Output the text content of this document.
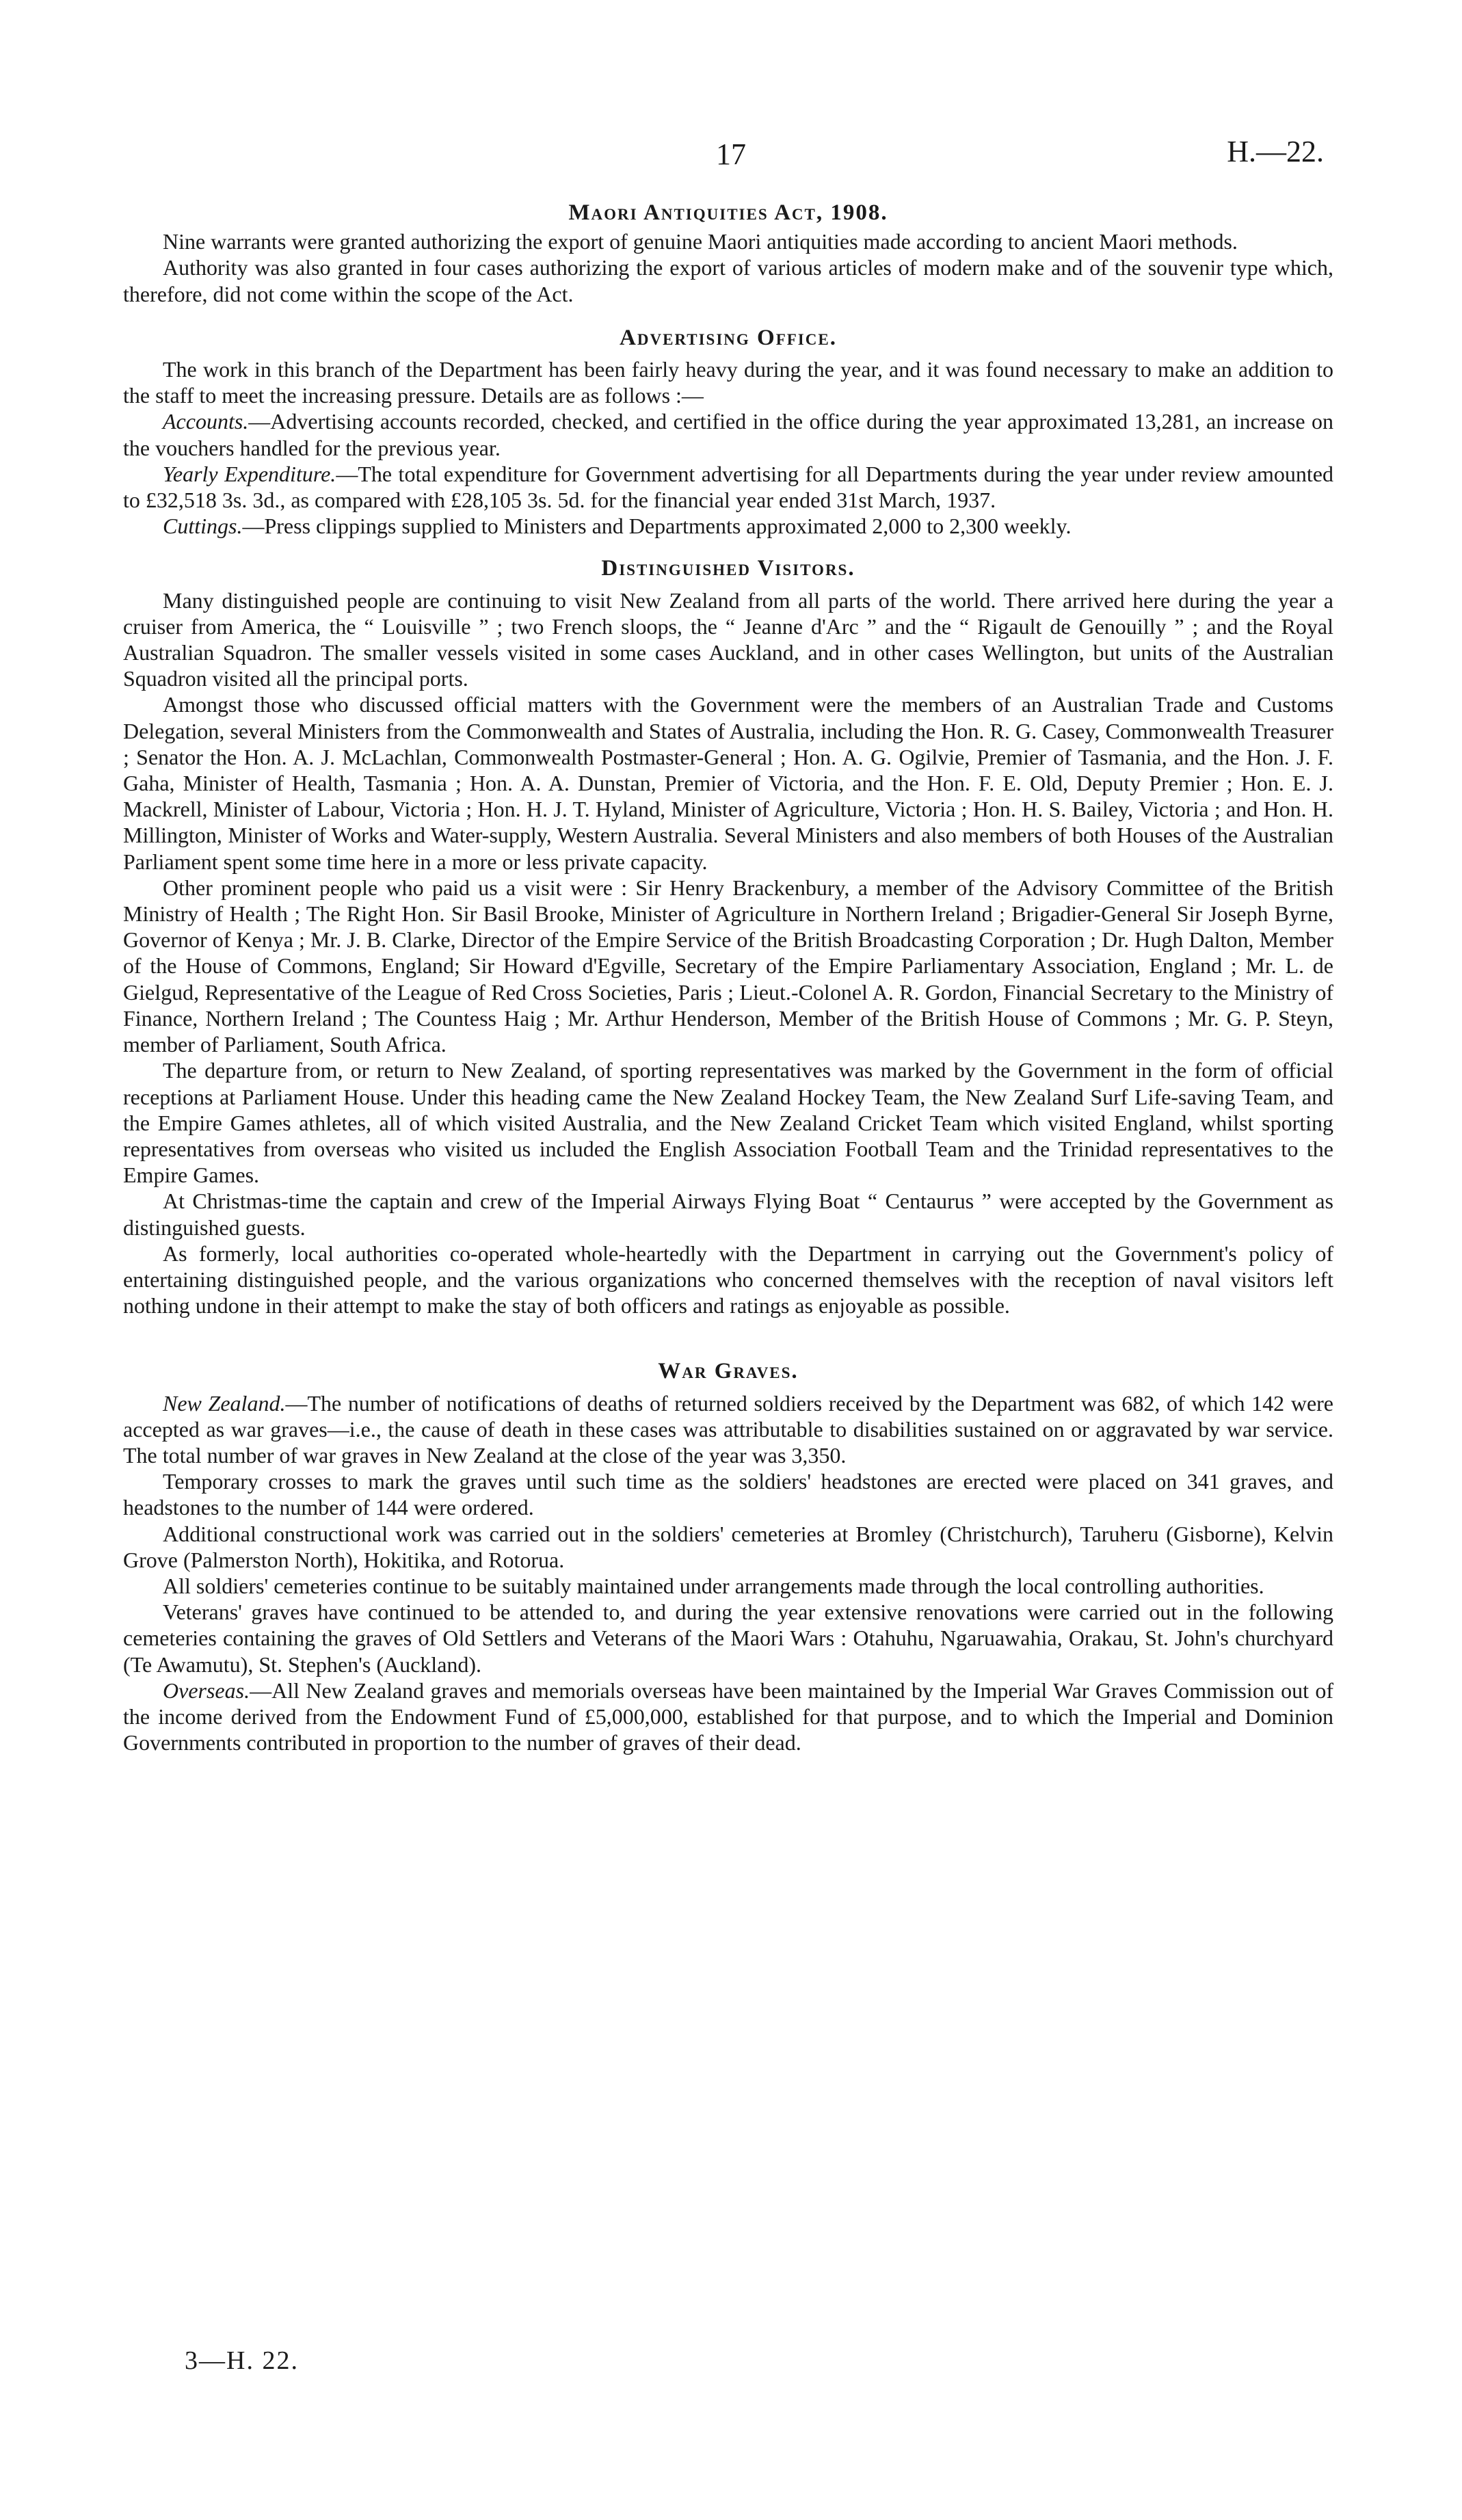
17	H.—22.
Maori Antiquities Act, 1908.

Nine warrants were granted authorizing the export of genuine Maori antiquities made according to ancient Maori methods.

Authority was also granted in four cases authorizing the export of various articles of modern make and of the souvenir type which, therefore, did not come within the scope of the Act.

Advertising Office.

The work in this branch of the Department has been fairly heavy during the year, and it was found necessary to make an addition to the staff to meet the increasing pressure. Details are as follows :—

Accounts.—Advertising accounts recorded, checked, and certified in the office during the year approximated 13,281, an increase on the vouchers handled for the previous year.

Yearly Expenditure.—The total expenditure for Government advertising for all Departments during the year under review amounted to £32,518 3s. 3d., as compared with £28,105 3s. 5d. for the financial year ended 31st March, 1937.

Cuttings.—Press clippings supplied to Ministers and Departments approximated 2,000 to 2,300 weekly.

Distinguished Visitors.

Many distinguished people are continuing to visit New Zealand from all parts of the world. There arrived here during the year a cruiser from America, the “ Louisville ” ; two French sloops, the “ Jeanne d'Arc ” and the “ Rigault de Genouilly ” ; and the Royal Australian Squadron. The smaller vessels visited in some cases Auckland, and in other cases Wellington, but units of the Australian Squadron visited all the principal ports.

Amongst those who discussed official matters with the Government were the members of an Australian Trade and Customs Delegation, several Ministers from the Commonwealth and States of Australia, including the Hon. R. G. Casey, Commonwealth Treasurer ; Senator the Hon. A. J. McLachlan, Commonwealth Postmaster-General ; Hon. A. G. Ogilvie, Premier of Tasmania, and the Hon. J. F. Gaha, Minister of Health, Tasmania ; Hon. A. A. Dunstan, Premier of Victoria, and the Hon. F. E. Old, Deputy Premier ; Hon. E. J. Mackrell, Minister of Labour, Victoria ; Hon. H. J. T. Hyland, Minister of Agriculture, Victoria ; Hon. H. S. Bailey, Victoria ; and Hon. H. Millington, Minister of Works and Water-supply, Western Australia. Several Ministers and also members of both Houses of the Australian Parliament spent some time here in a more or less private capacity.

Other prominent people who paid us a visit were : Sir Henry Brackenbury, a member of the Advisory Committee of the British Ministry of Health ; The Right Hon. Sir Basil Brooke, Minister of Agriculture in Northern Ireland ; Brigadier-General Sir Joseph Byrne, Governor of Kenya ; Mr. J. B. Clarke, Director of the Empire Service of the British Broadcasting Corporation ; Dr. Hugh Dalton, Member of the House of Commons, England; Sir Howard d'Egville, Secretary of the Empire Parliamentary Association, England ; Mr. L. de Gielgud, Representative of the League of Red Cross Societies, Paris ; Lieut.-Colonel A. R. Gordon, Financial Secretary to the Ministry of Finance, Northern Ireland ; The Countess Haig ; Mr. Arthur Henderson, Member of the British House of Commons ; Mr. G. P. Steyn, member of Parliament, South Africa.

The departure from, or return to New Zealand, of sporting representatives was marked by the Government in the form of official receptions at Parliament House. Under this heading came the New Zealand Hockey Team, the New Zealand Surf Life-saving Team, and the Empire Games athletes, all of which visited Australia, and the New Zealand Cricket Team which visited England, whilst sporting representatives from overseas who visited us included the English Association Football Team and the Trinidad representatives to the Empire Games.

At Christmas-time the captain and crew of the Imperial Airways Flying Boat “ Centaurus ” were accepted by the Government as distinguished guests.

As formerly, local authorities co-operated whole-heartedly with the Department in carrying out the Government's policy of entertaining distinguished people, and the various organizations who concerned themselves with the reception of naval visitors left nothing undone in their attempt to make the stay of both officers and ratings as enjoyable as possible.

War Graves.

New Zealand.—The number of notifications of deaths of returned soldiers received by the Department was 682, of which 142 were accepted as war graves—i.e., the cause of death in these cases was attributable to disabilities sustained on or aggravated by war service. The total number of war graves in New Zealand at the close of the year was 3,350.

Temporary crosses to mark the graves until such time as the soldiers' headstones are erected were placed on 341 graves, and headstones to the number of 144 were ordered.

Additional constructional work was carried out in the soldiers' cemeteries at Bromley (Christchurch), Taruheru (Gisborne), Kelvin Grove (Palmerston North), Hokitika, and Rotorua.

All soldiers' cemeteries continue to be suitably maintained under arrangements made through the local controlling authorities.

Veterans' graves have continued to be attended to, and during the year extensive renovations were carried out in the following cemeteries containing the graves of Old Settlers and Veterans of the Maori Wars : Otahuhu, Ngaruawahia, Orakau, St. John's churchyard (Te Awamutu), St. Stephen's (Auckland).

Overseas.—All New Zealand graves and memorials overseas have been maintained by the Imperial War Graves Commission out of the income derived from the Endowment Fund of £5,000,000, established for that purpose, and to which the Imperial and Dominion Governments contributed in proportion to the number of graves of their dead.

3—H. 22.
